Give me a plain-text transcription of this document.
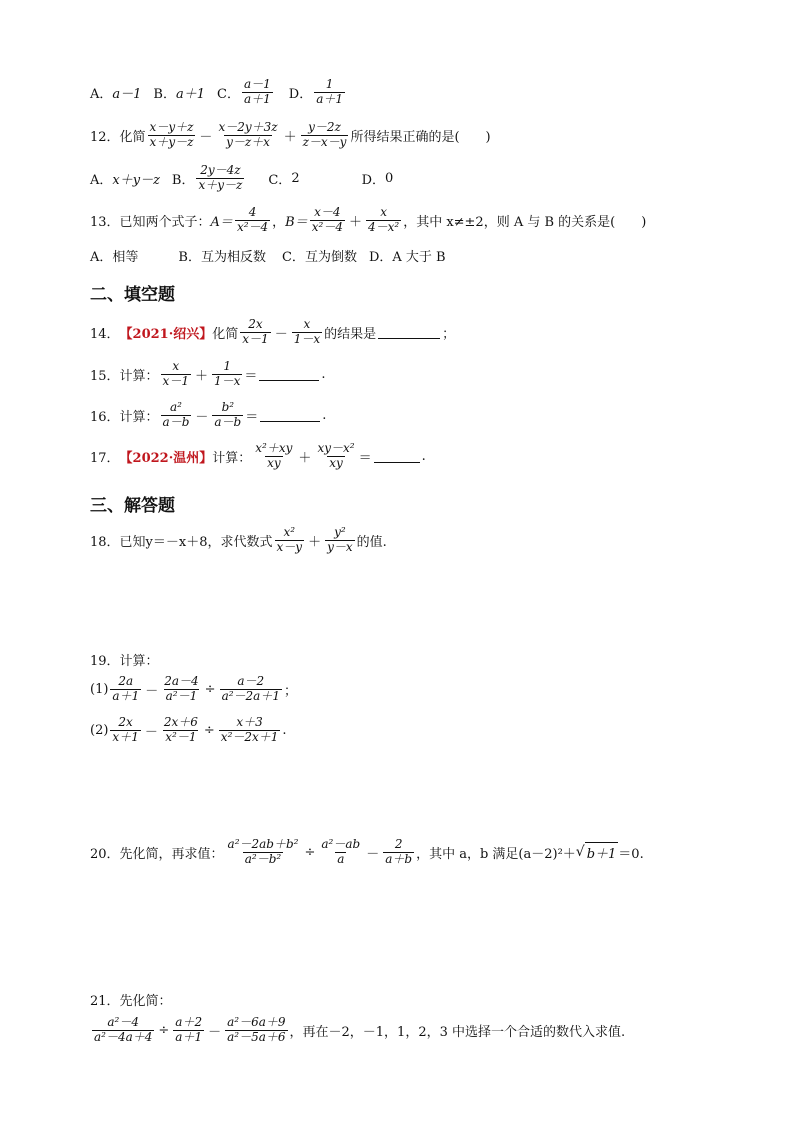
A． a－1 B． a＋1 C． $\frac{a-1}{a+1}$ D． $\frac{1}{a+1}$
12．化简 $\frac{x-y+z}{x+y-z} - \frac{x-2y+3z}{y-z+x} + \frac{y-2z}{z-x-y}$ 所得结果正确的是(　　)
A． x＋y－z B． $\frac{2y-4z}{x+y-z}$ C． 2	D． 0
13．已知两个式子： $A= \frac{4}{\text{x²－4}}$ ， $B= \frac{x-4}{\text{x²－4}} + \frac{x}{\text{4－x²}}$ ，其中 x≠±2，则 A 与 B 的关系是(　　)
A． 相等	B． 互为相反数 C． 互为倒数 D． A 大于 B
二、填空题
14． 【2021·绍兴】 化简 $\frac{2x}{x-1} - \frac{x}{1-x}$ 的结果是	；
15．计算： $\frac{x}{x-1} + \frac{1}{1-x}$ ＝	.
16．计算： $\frac{\text{a²}}{a-b} - \frac{\text{b²}}{a-b}$ ＝	.
17． 【2022·温州】 计算： $\frac{\text{x²＋xy}}{xy} + \frac{\text{xy－x²}}{xy}$ ＝	.
三、解答题
18．已知y＝－x＋8，求代数式 $\frac{\text{x²}}{x-y} + \frac{\text{y²}}{y-x}$ 的值.
19．计算：
$(1) \frac{2a}{a+1} - \frac{2a-4}{\text{a²－1}} \div \frac{a-2}{\text{a²－2a＋1}}$ ；
$(2) \frac{2x}{x+1} - \frac{2x+6}{\text{x²－1}} \div \frac{x+3}{\text{x²－2x＋1}}$ .
20．先化简，再求值： $\frac{\text{a²－2ab＋b²}}{\text{a²－b²}} \div \frac{\text{a²－ab}}{a} - \frac{2}{a+b}$ ，其中 a，b 满足(a－2)²＋ √ b＋1 ＝0.
21．先化简：
$\frac{\text{a²－4}}{\text{a²－4a＋4}} \div \frac{a+2}{a+1} - \frac{\text{a²－6a＋9}}{\text{a²－5a＋6}}$ ，再在－2，－1，1，2，3 中选择一个合适的数代入求值.
